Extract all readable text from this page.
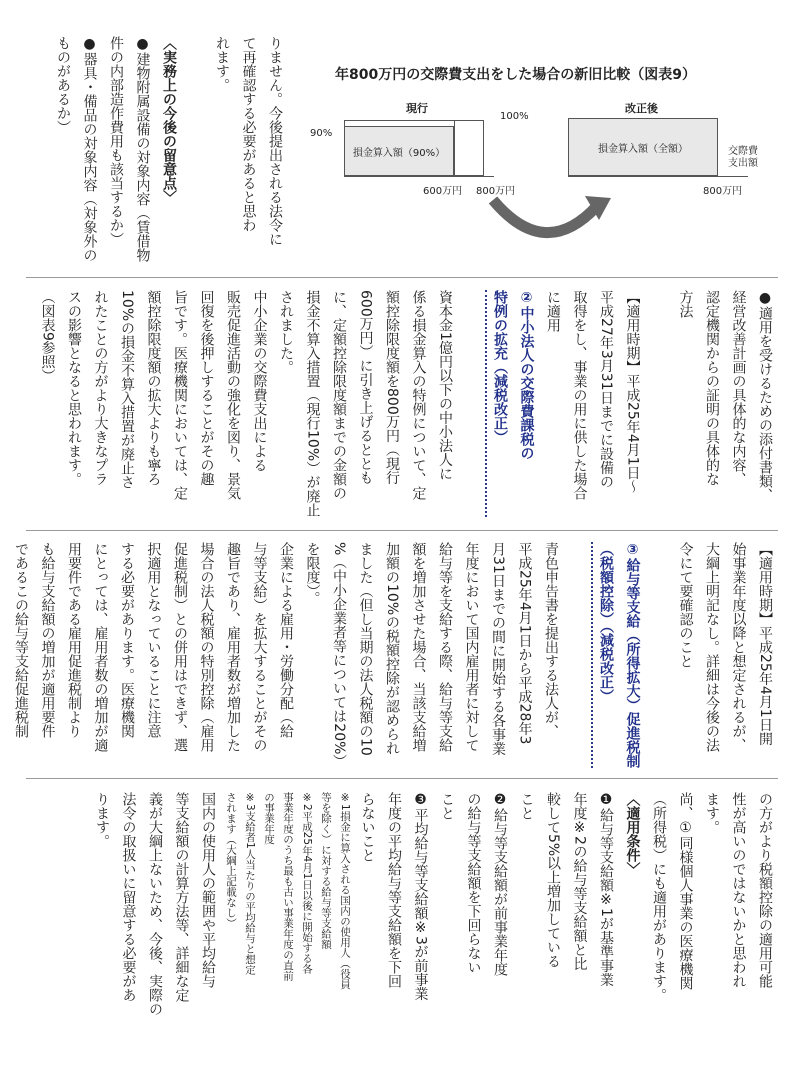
りません。今後提出される法令に

て再確認する必要があると思わ

れます。

〈実務上の今後の留意点〉

●建物附属設備の対象内容（賃借物

件の内部造作費用も該当するか）

●器具・備品の対象内容（対象外の

ものがあるか）	年800万円の交際費支出をした場合の新旧比較（図表9）
現行	改正後
100%
90%
損金算入額（90%）	損金算入額（全額）	交際費
支出額
600万円 800万円	800万円

●適用を受けるための添付書類、

経営改善計画の具体的な内容、

認定機関からの証明の具体的な

方法

【適用時期】平成25年4月1日〜

平成27年3月31日までに設備の

取得をし、事業の用に供した場合

に適用

②中小法人の交際費課税の

特例の拡充（減税改正）

資本金1億円以下の中小法人に

係る損金算入の特例について、定

額控除限度額を800万円（現行

600万円）に引き上げるととも

に、定額控除限度額までの金額の

損金不算入措置（現行10%）が廃止

されました。

中小企業の交際費支出による

販売促進活動の強化を図り、景気

回復を後押しすることがその趣

旨です。医療機関においては、定

額控除限度額の拡大よりも寧ろ

10%の損金不算入措置が廃止さ

れたことの方がより大きなプラ

スの影響となると思われます。

（図表9参照）

【適用時期】平成25年4月1日開

始事業年度以降と想定されるが、

大綱上明記なし。詳細は今後の法

令にて要確認のこと

③給与等支給（所得拡大）促進税制

（税額控除）（減税改正）

青色申告書を提出する法人が、

平成25年4月1日から平成28年3

月31日までの間に開始する各事業

年度において国内雇用者に対して

給与等を支給する際、給与等支給

額を増加させた場合、当該支給増

加額の10%の税額控除が認められ

ました（但し当期の法人税額の10

%（中小企業者等については20%）

を限度）。

企業による雇用・労働分配（給

与等支給）を拡大することがその

趣旨であり、雇用者数が増加した

場合の法人税額の特別控除（雇用

促進税制）との併用はできず、選

択適用となっていることに注意

する必要があります。医療機関

にとっては、雇用者数の増加が適

用要件である雇用促進税制より

も給与支給額の増加が適用要件

であるこの給与等支給促進税制

の方がより税額控除の適用可能

性が高いのではないかと思われ

ます。

尚、①同様個人事業の医療機関

（所得税）にも適用があります。

〈適用条件〉

❶給与等支給額※1が基準事業

年度※2の給与等支給額と比

較して5%以上増加している

こと

❷給与等支給額が前事業年度

の給与等支給額を下回らない

こと

❸平均給与等支給額※3が前事業

年度の平均給与等支給額を下回

らないこと

※1損金に算入される国内の使用人（役員

等を除く）に対する給与等支給額

※2平成25年4月1日以後に開始する各

事業年度のうち最も古い事業年度の直前

の事業年度

※3支給者1人当たりの平均給与と想定

されます（大綱上記載なし）

国内の使用人の範囲や平均給与

等支給額の計算方法等、詳細な定

義が大綱上ないため、今後、実際の

法令の取扱いに留意する必要があ

ります。
